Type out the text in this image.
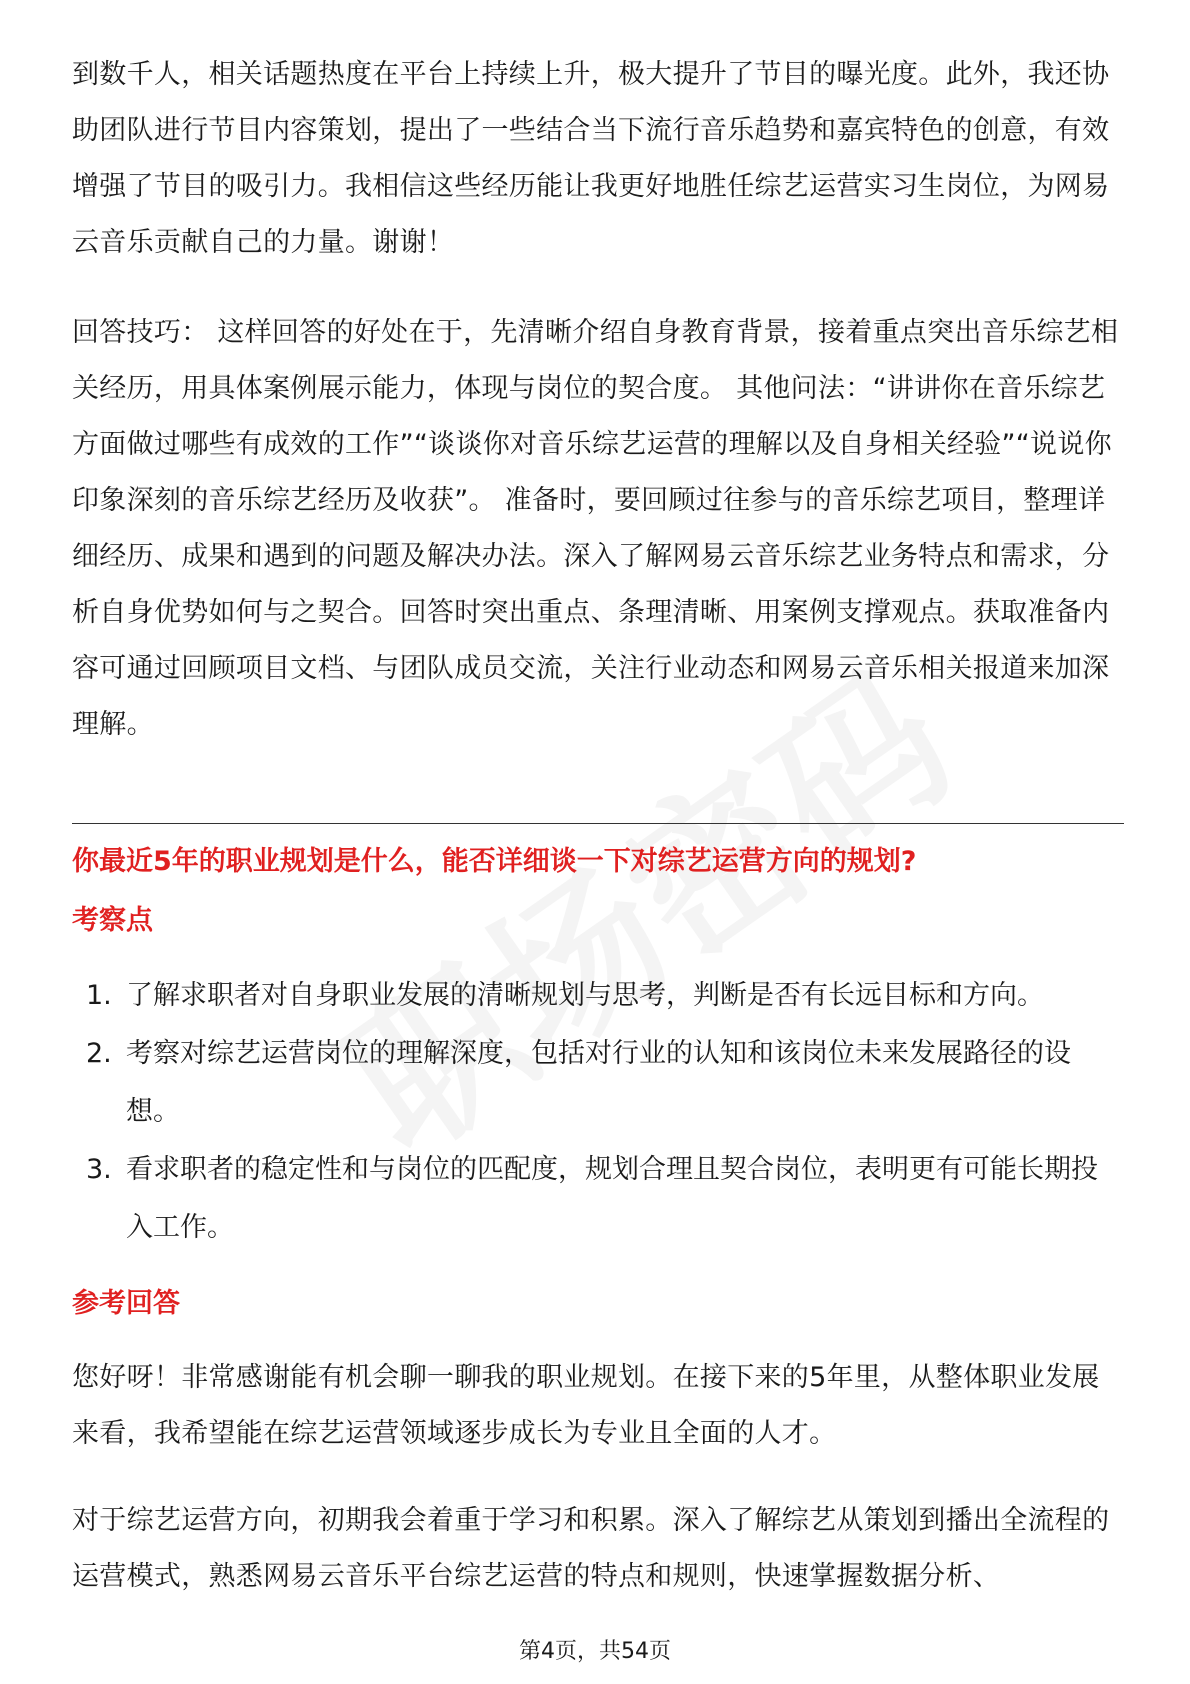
到数千人，相关话题热度在平台上持续上升，极大提升了节目的曝光度。此外，我还协助团队进行节目内容策划，提出了一些结合当下流行音乐趋势和嘉宾特色的创意，有效增强了节目的吸引力。我相信这些经历能让我更好地胜任综艺运营实习生岗位，为网易云音乐贡献自己的力量。谢谢！

回答技巧： 这样回答的好处在于，先清晰介绍自身教育背景，接着重点突出音乐综艺相关经历，用具体案例展示能力，体现与岗位的契合度。 其他问法：“讲讲你在音乐综艺方面做过哪些有成效的工作”“谈谈你对音乐综艺运营的理解以及自身相关经验”“说说你印象深刻的音乐综艺经历及收获”。 准备时，要回顾过往参与的音乐综艺项目，整理详细经历、成果和遇到的问题及解决办法。深入了解网易云音乐综艺业务特点和需求，分析自身优势如何与之契合。回答时突出重点、条理清晰、用案例支撑观点。获取准备内容可通过回顾项目文档、与团队成员交流，关注行业动态和网易云音乐相关报道来加深理解。

你最近5年的职业规划是什么，能否详细谈一下对综艺运营方向的规划?

考察点

1. 了解求职者对自身职业发展的清晰规划与思考，判断是否有长远目标和方向。
2. 考察对综艺运营岗位的理解深度，包括对行业的认知和该岗位未来发展路径的设想。
3. 看求职者的稳定性和与岗位的匹配度，规划合理且契合岗位，表明更有可能长期投入工作。

参考回答

您好呀！非常感谢能有机会聊一聊我的职业规划。在接下来的5年里，从整体职业发展来看，我希望能在综艺运营领域逐步成长为专业且全面的人才。

对于综艺运营方向，初期我会着重于学习和积累。深入了解综艺从策划到播出全流程的运营模式，熟悉网易云音乐平台综艺运营的特点和规则，快速掌握数据分析、

第4页，共54页
